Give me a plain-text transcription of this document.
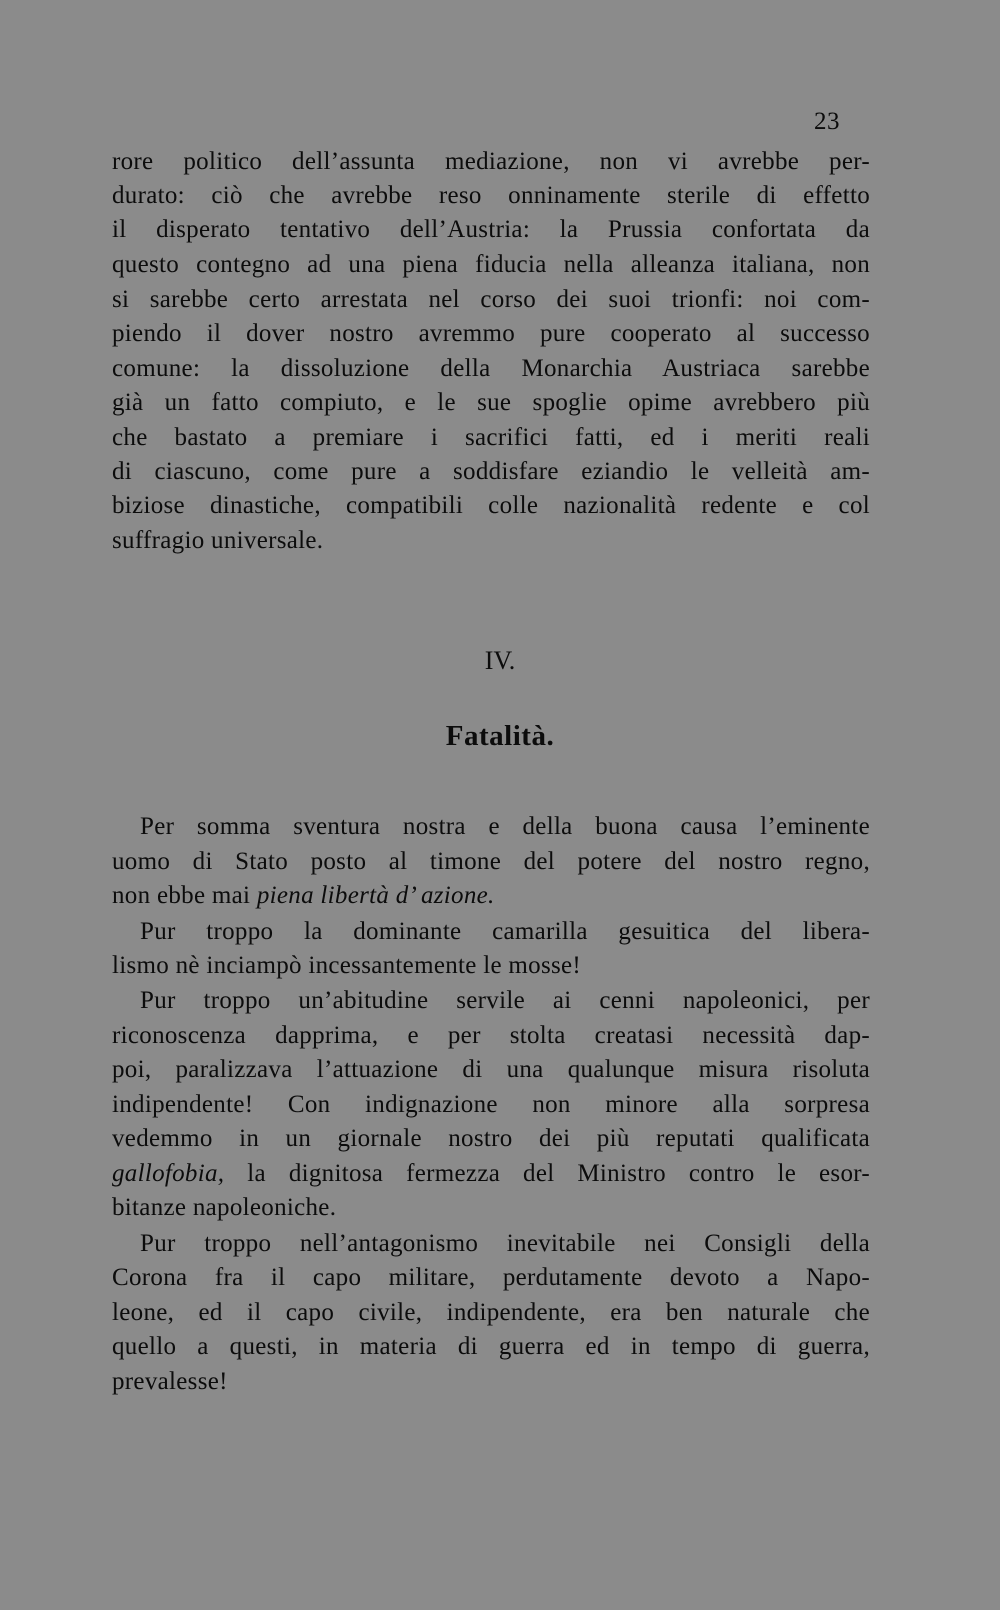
23
rore politico dell’assunta mediazione, non vi avrebbe per-
durato: ciò che avrebbe reso onninamente sterile di effetto
il disperato tentativo dell’Austria: la Prussia confortata da
questo contegno ad una piena fiducia nella alleanza italiana, non
si sarebbe certo arrestata nel corso dei suoi trionfi: noi com-
piendo il dover nostro avremmo pure cooperato al successo
comune: la dissoluzione della Monarchia Austriaca sarebbe
già un fatto compiuto, e le sue spoglie opime avrebbero più
che bastato a premiare i sacrifici fatti, ed i meriti reali
di ciascuno, come pure a soddisfare eziandio le velleità am-
biziose dinastiche, compatibili colle nazionalità redente e col
suffragio universale.
IV.
Fatalità.
Per somma sventura nostra e della buona causa l’eminente
uomo di Stato posto al timone del potere del nostro regno,
non ebbe mai piena libertà d’ azione.
Pur troppo la dominante camarilla gesuitica del libera-
lismo nè inciampò incessantemente le mosse!
Pur troppo un’abitudine servile ai cenni napoleonici, per
riconoscenza dapprima, e per stolta creatasi necessità dap-
poi, paralizzava l’attuazione di una qualunque misura risoluta
indipendente! Con indignazione non minore alla sorpresa
vedemmo in un giornale nostro dei più reputati qualificata
gallofobia, la dignitosa fermezza del Ministro contro le esor-
bitanze napoleoniche.
Pur troppo nell’antagonismo inevitabile nei Consigli della
Corona fra il capo militare, perdutamente devoto a Napo-
leone, ed il capo civile, indipendente, era ben naturale che
quello a questi, in materia di guerra ed in tempo di guerra,
prevalesse!
